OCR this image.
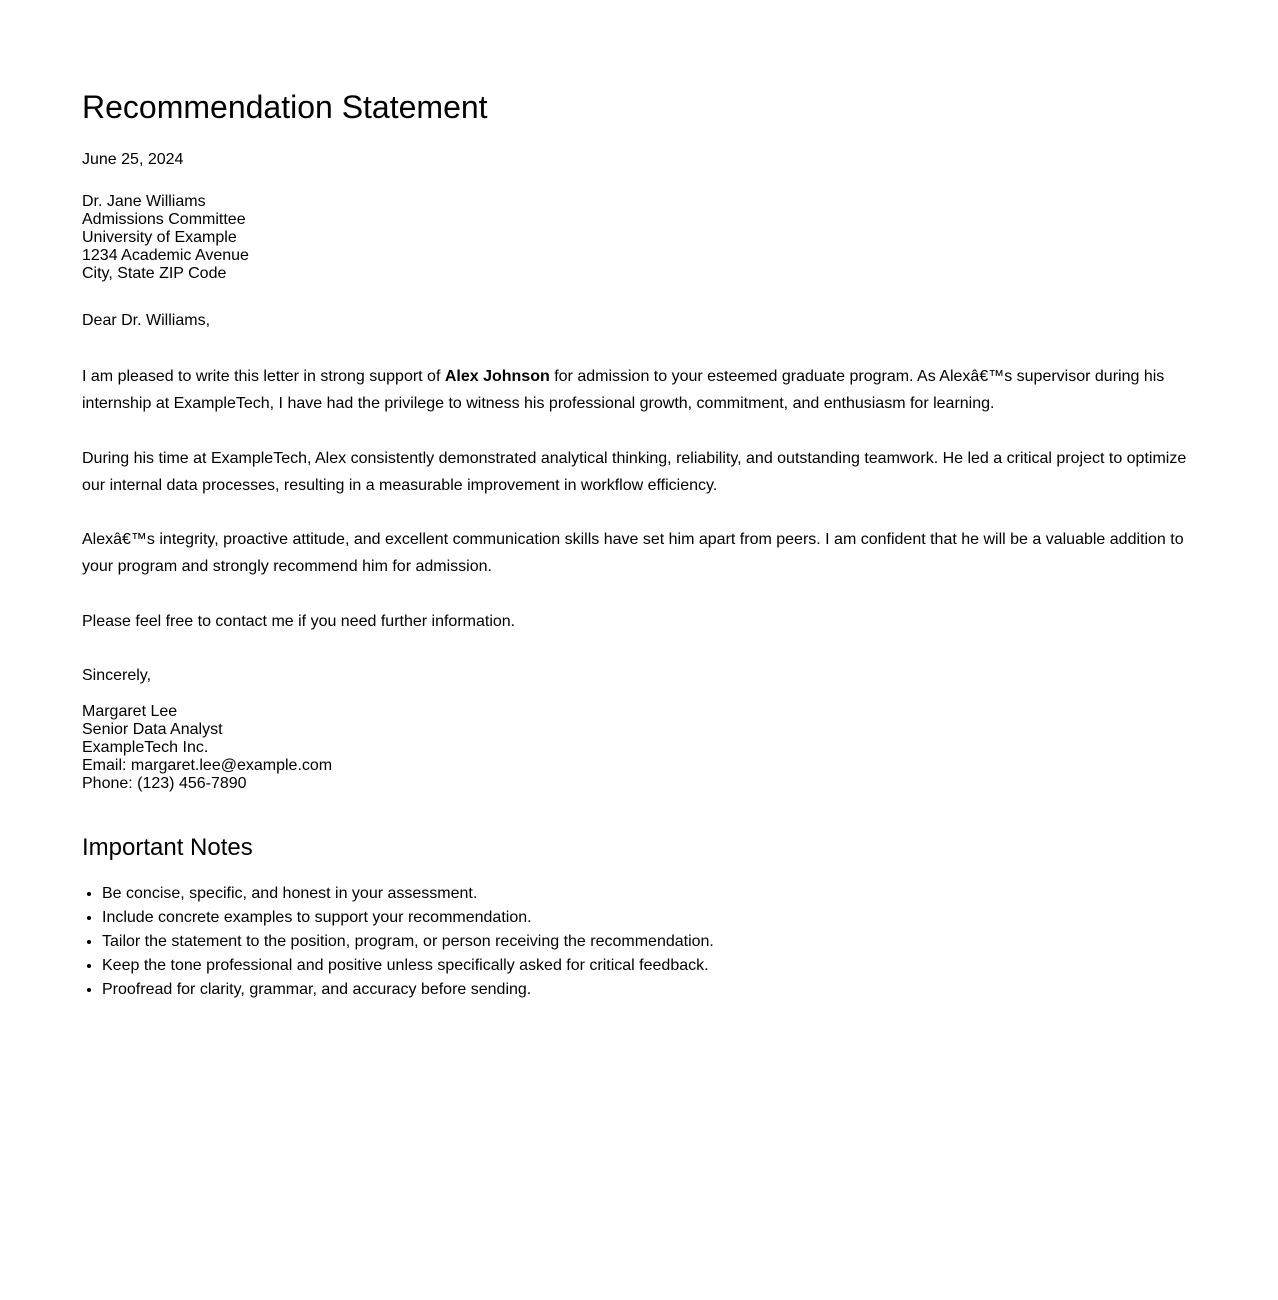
Recommendation Statement
June 25, 2024
Dr. Jane Williams
Admissions Committee
University of Example
1234 Academic Avenue
City, State ZIP Code
Dear Dr. Williams,

I am pleased to write this letter in strong support of Alex Johnson for admission to your esteemed graduate program. As Alexâ€™s supervisor during his internship at ExampleTech, I have had the privilege to witness his professional growth, commitment, and enthusiasm for learning.

During his time at ExampleTech, Alex consistently demonstrated analytical thinking, reliability, and outstanding teamwork. He led a critical project to optimize our internal data processes, resulting in a measurable improvement in workflow efficiency.

Alexâ€™s integrity, proactive attitude, and excellent communication skills have set him apart from peers. I am confident that he will be a valuable addition to your program and strongly recommend him for admission.

Please feel free to contact me if you need further information.

Sincerely,
Margaret Lee
Senior Data Analyst
ExampleTech Inc.
Email: margaret.lee@example.com
Phone: (123) 456-7890
Important Notes
• Be concise, specific, and honest in your assessment.
• Include concrete examples to support your recommendation.
• Tailor the statement to the position, program, or person receiving the recommendation.
• Keep the tone professional and positive unless specifically asked for critical feedback.
• Proofread for clarity, grammar, and accuracy before sending.
